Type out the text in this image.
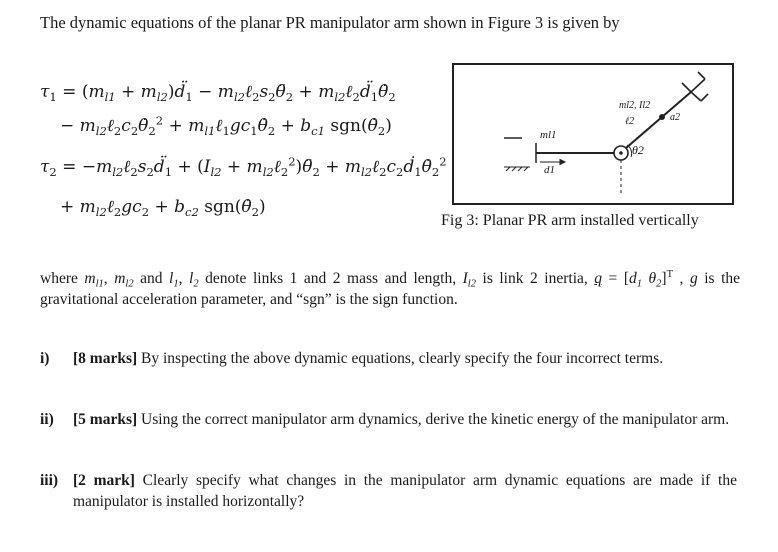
The dynamic equations of the planar PR manipulator arm shown in Figure 3 is given by
$\tau_1 = (m_{l1}$ + $m_{l2})d̈_1$ − $m_{l2}\ell_2s_2\thetä_2$ + $m_{l2}\ell_2d̈_1\thetȧ_2$
− $m_{l2}\ell_2c_2\thetȧ_2^2$ + $m_{l1}\ell_1gc_1\thetȧ_2 + b_{c1}$ $sgn(\thetȧ_2)$
$\tau_2$ = $-m_{l2}\ell_2s_2d̈_1 + (I_{l2}$ + $m_{l2}\ell_2^2)\thetä_2$ + $m_{l2}\ell_2c_2ḋ_1\thetȧ_2^2$
+ $m_{l2}\ell_2gc_2 + b_{c2}$ $sgn(\thetȧ_2)$
ml1
d1
ml2, Il2
ℓ2	a2
θ2
Fig 3: Planar PR arm installed vertically
where $m_{l1}$, $m_{l2}$ and $l_1$, $l_2$ denote links 1 and 2 mass and length, $I_{l2}$ is link 2 inertia, $q = [d_1$ $\theta_2]^T$ , g is the gravitational acceleration parameter, and “sgn” is the sign function.
i) [8 marks] By inspecting the above dynamic equations, clearly specify the four incorrect terms.
ii) [5 marks] Using the correct manipulator arm dynamics, derive the kinetic energy of the manipulator arm.
iii) [2 mark] Clearly specify what changes in the manipulator arm dynamic equations are made if the manipulator is installed horizontally?
